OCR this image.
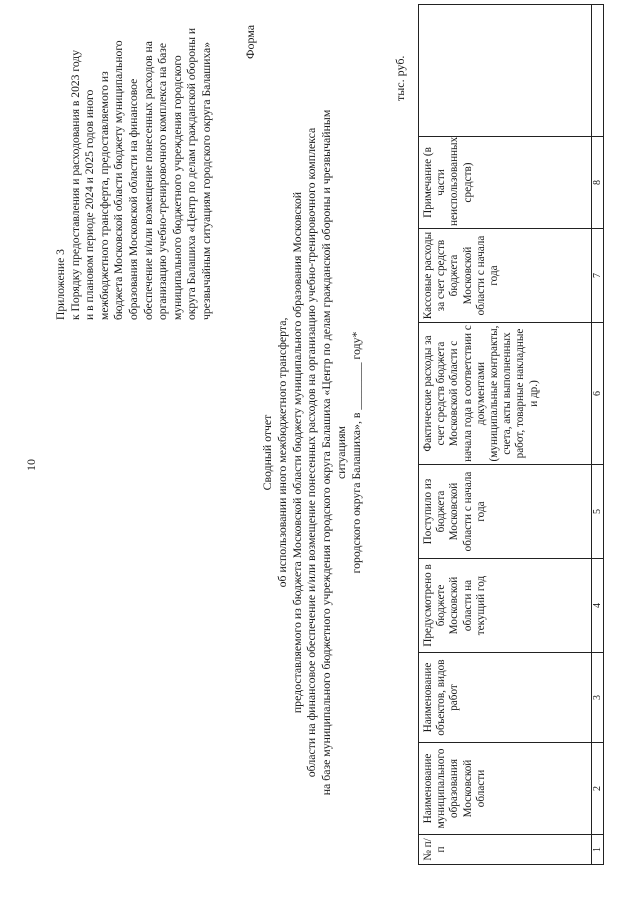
10
Приложение 3 к Порядку предоставления и расходования в 2023 году и в плановом периоде 2024 и 2025 годов иного межбюджетного трансферта, предоставляемого из бюджета Московской области бюджету муниципального образования Московской области на финансовое обеспечение и/или возмещение понесенных расходов на организацию учебно-тренировочного комплекса на базе муниципального бюджетного учреждения городского округа Балашиха «Центр по делам гражданской обороны и чрезвычайным ситуациям городского округа Балашиха»
Форма
Сводный отчет об использовании иного межбюджетного трансферта, предоставляемого из бюджета Московской области бюджету муниципального образования Московской области на финансовое обеспечение и/или возмещение понесенных расходов на организацию учебно-тренировочного комплекса на базе муниципального бюджетного учреждения городского округа Балашиха «Центр по делам гражданской обороны и чрезвычайным ситуациям городского округа Балашиха», в ________ году*
тыс. руб.
№ п/п	Наименование муниципального образования Московской области	Наименование объектов, видов работ	Предусмотрено в бюджете Московской области на текущий год	Поступило из бюджета Московской области с начала года	Фактические расходы за счет средств бюджета Московской области с начала года в соответствии с документами (муниципальные контракты, счета, акты выполненных работ, товарные накладные и др.)	Кассовые расходы за счет средств бюджета Московской области с начала года	Примечание (в части неиспользованных средств)	
1	2	3	4	5	6	7	8	
